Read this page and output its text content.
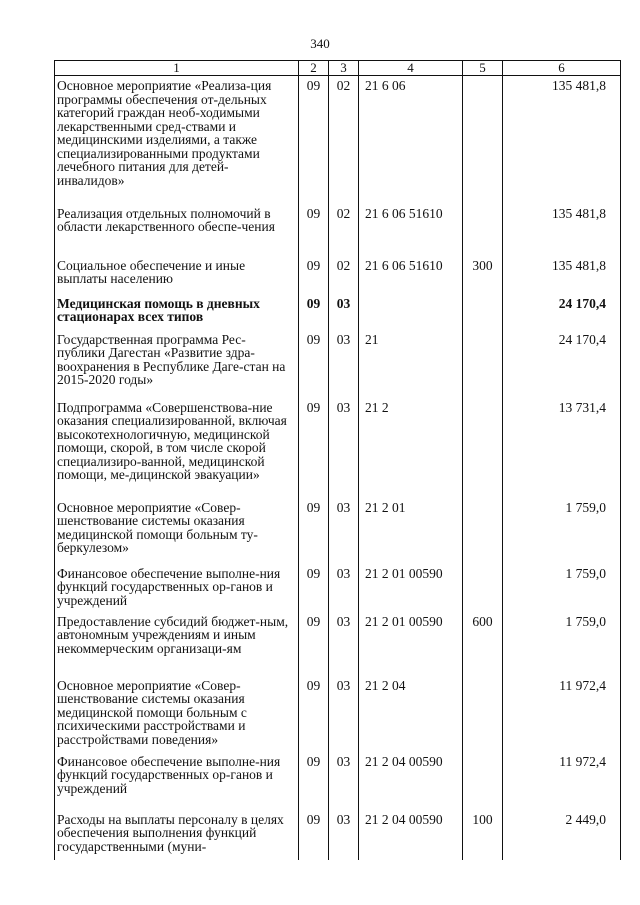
340
1	2	3	4	5	6
Основное мероприятие «Реализа-ция программы обеспечения от-дельных категорий граждан необ-ходимыми лекарственными сред-ствами и медицинскими изделиями, а также специализированными продуктами лечебного питания для детей-инвалидов»	09	02	21 6 06		135 481,8
Реализация отдельных полномочий в области лекарственного обеспе-чения	09	02	21 6 06 51610		135 481,8
Социальное обеспечение и иные выплаты населению	09	02	21 6 06 51610	300	135 481,8
Медицинская помощь в дневных стационарах всех типов	09	03			24 170,4
Государственная программа Рес-публики Дагестан «Развитие здра-воохранения в Республике Даге-стан на 2015-2020 годы»	09	03	21		24 170,4
Подпрограмма «Совершенствова-ние оказания специализированной, включая высокотехнологичную, медицинской помощи, скорой, в том числе скорой специализиро-ванной, медицинской помощи, ме-дицинской эвакуации»	09	03	21 2		13 731,4
Основное мероприятие «Совер-шенствование системы оказания медицинской помощи больным ту-беркулезом»	09	03	21 2 01		1 759,0
Финансовое обеспечение выполне-ния функций государственных ор-ганов и учреждений	09	03	21 2 01 00590		1 759,0
Предоставление субсидий бюджет-ным, автономным учреждениям и иным некоммерческим организаци-ям	09	03	21 2 01 00590	600	1 759,0
Основное мероприятие «Совер-шенствование системы оказания медицинской помощи больным с психическими расстройствами и расстройствами поведения»	09	03	21 2 04		11 972,4
Финансовое обеспечение выполне-ния функций государственных ор-ганов и учреждений	09	03	21 2 04 00590		11 972,4
Расходы на выплаты персоналу в целях обеспечения выполнения функций государственными (муни-	09	03	21 2 04 00590	100	2 449,0
